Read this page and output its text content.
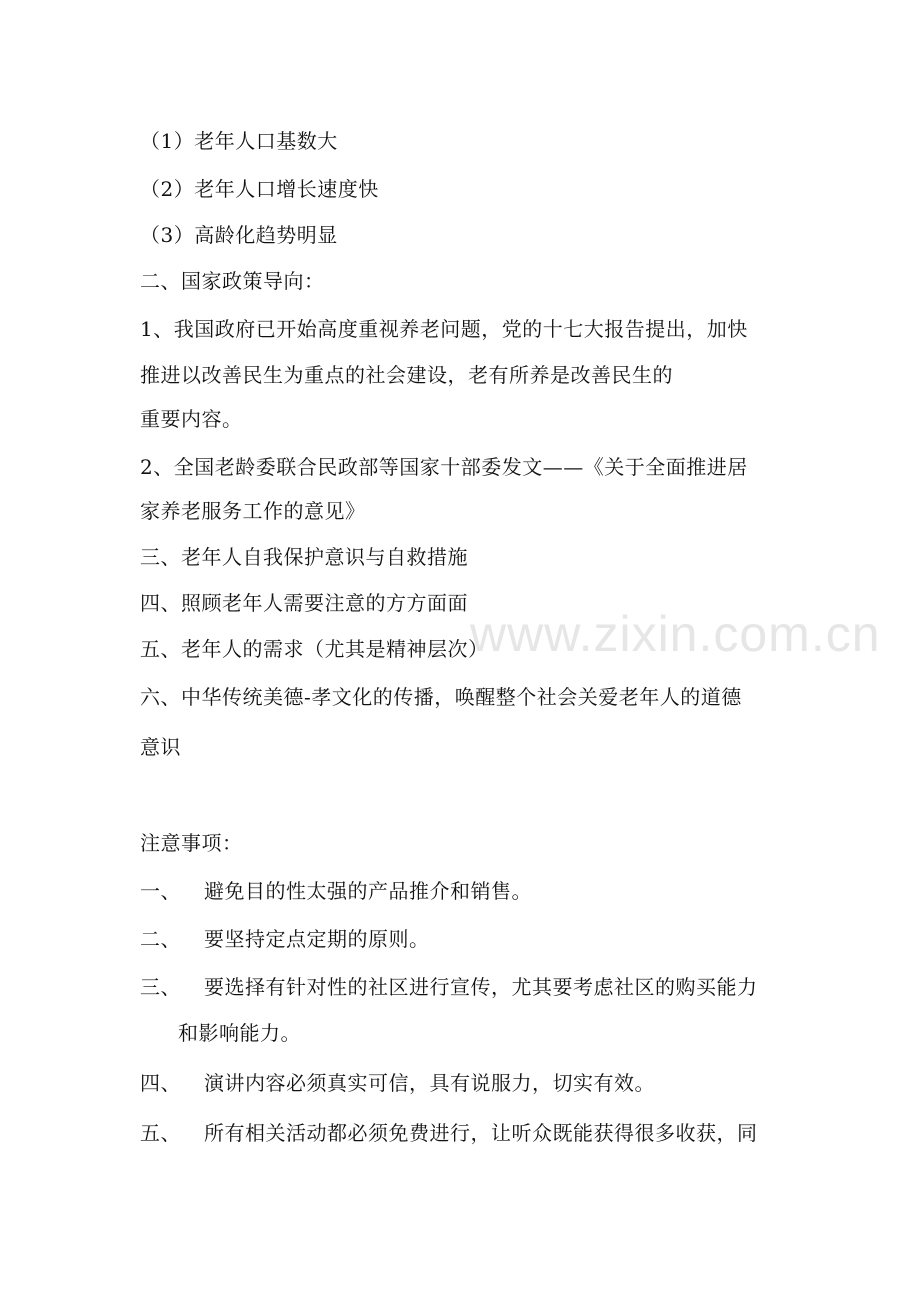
www.zixin.com.cn
（1）老年人口基数大
（2）老年人口增长速度快
（3）高龄化趋势明显
二、国家政策导向：
1、我国政府已开始高度重视养老问题，党的十七大报告提出，加快
推进以改善民生为重点的社会建设，老有所养是改善民生的
重要内容。
2、全国老龄委联合民政部等国家十部委发文——《关于全面推进居
家养老服务工作的意见》
三、老年人自我保护意识与自救措施
四、照顾老年人需要注意的方方面面
五、老年人的需求（尤其是精神层次）
六、中华传统美德-孝文化的传播，唤醒整个社会关爱老年人的道德
意识
注意事项：
一、 避免目的性太强的产品推介和销售。
二、 要坚持定点定期的原则。
三、 要选择有针对性的社区进行宣传，尤其要考虑社区的购买能力
和影响能力。
四、 演讲内容必须真实可信，具有说服力，切实有效。
五、 所有相关活动都必须免费进行，让听众既能获得很多收获，同
